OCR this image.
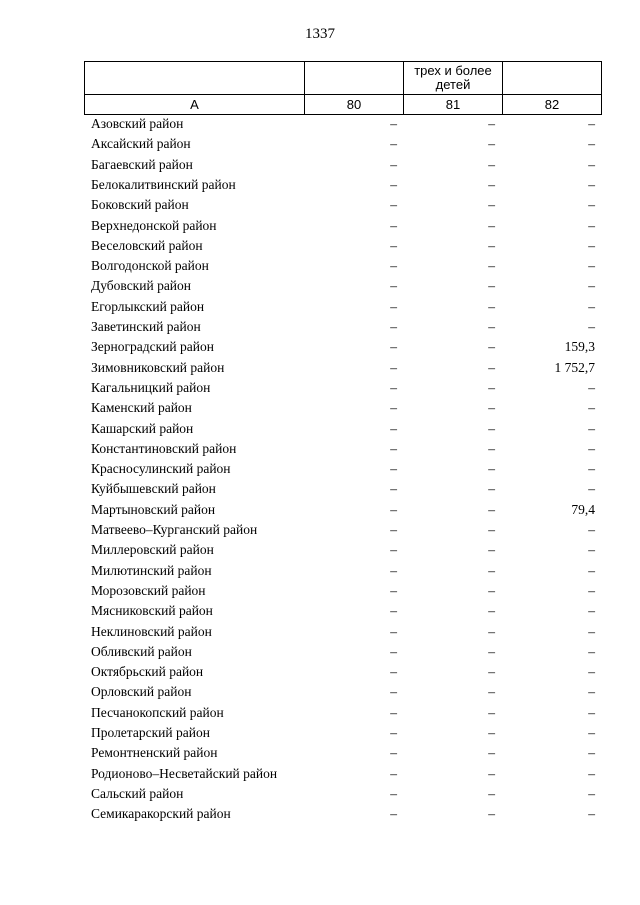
1337
		трех и более детей	
А	80	81	82
Азовский район	–	–	–
Аксайский район	–	–	–
Багаевский район	–	–	–
Белокалитвинский район	–	–	–
Боковский район	–	–	–
Верхнедонской район	–	–	–
Веселовский район	–	–	–
Волгодонской район	–	–	–
Дубовский район	–	–	–
Егорлыкский район	–	–	–
Заветинский район	–	–	–
Зерноградский район	–	–	159,3
Зимовниковский район	–	–	1 752,7
Кагальницкий район	–	–	–
Каменский район	–	–	–
Кашарский район	–	–	–
Константиновский район	–	–	–
Красносулинский район	–	–	–
Куйбышевский район	–	–	–
Мартыновский район	–	–	79,4
Матвеево–Курганский район	–	–	–
Миллеровский район	–	–	–
Милютинский район	–	–	–
Морозовский район	–	–	–
Мясниковский район	–	–	–
Неклиновский район	–	–	–
Обливский район	–	–	–
Октябрьский район	–	–	–
Орловский район	–	–	–
Песчанокопский район	–	–	–
Пролетарский район	–	–	–
Ремонтненский район	–	–	–
Родионово–Несветайский район	–	–	–
Сальский район	–	–	–
Семикаракорский район	–	–	–
